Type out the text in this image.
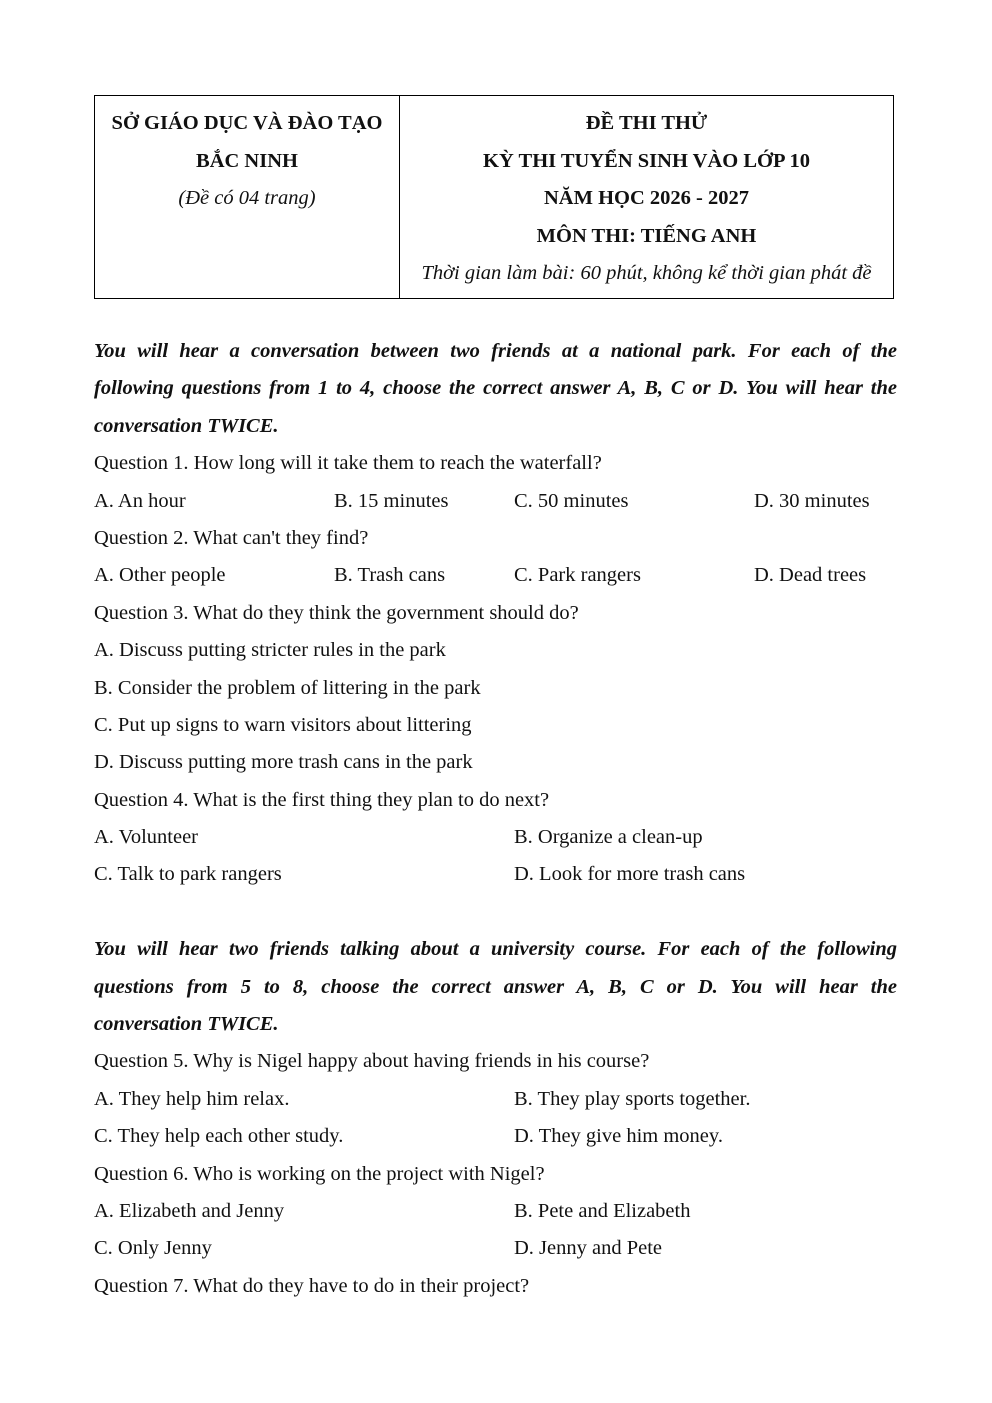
SỞ GIÁO DỤC VÀ ĐÀO TẠO
BẮC NINH
(Đề có 04 trang)
ĐỀ THI THỬ
KỲ THI TUYỂN SINH VÀO LỚP 10
NĂM HỌC 2026 - 2027
MÔN THI: TIẾNG ANH
Thời gian làm bài: 60 phút, không kể thời gian phát đề
You will hear a conversation between two friends at a national park. For each of the
following questions from 1 to 4, choose the correct answer A, B, C or D. You will hear the
conversation TWICE.
Question 1. How long will it take them to reach the waterfall?
A. An hour	B. 15 minutes	C. 50 minutes	D. 30 minutes
Question 2. What can't they find?
A. Other people	B. Trash cans	C. Park rangers	D. Dead trees
Question 3. What do they think the government should do?
A. Discuss putting stricter rules in the park
B. Consider the problem of littering in the park
C. Put up signs to warn visitors about littering
D. Discuss putting more trash cans in the park
Question 4. What is the first thing they plan to do next?
A. Volunteer	B. Organize a clean-up
C. Talk to park rangers	D. Look for more trash cans
You will hear two friends talking about a university course. For each of the following
questions from 5 to 8, choose the correct answer A, B, C or D. You will hear the
conversation TWICE.
Question 5. Why is Nigel happy about having friends in his course?
A. They help him relax.	B. They play sports together.
C. They help each other study.	D. They give him money.
Question 6. Who is working on the project with Nigel?
A. Elizabeth and Jenny	B. Pete and Elizabeth
C. Only Jenny	D. Jenny and Pete
Question 7. What do they have to do in their project?
